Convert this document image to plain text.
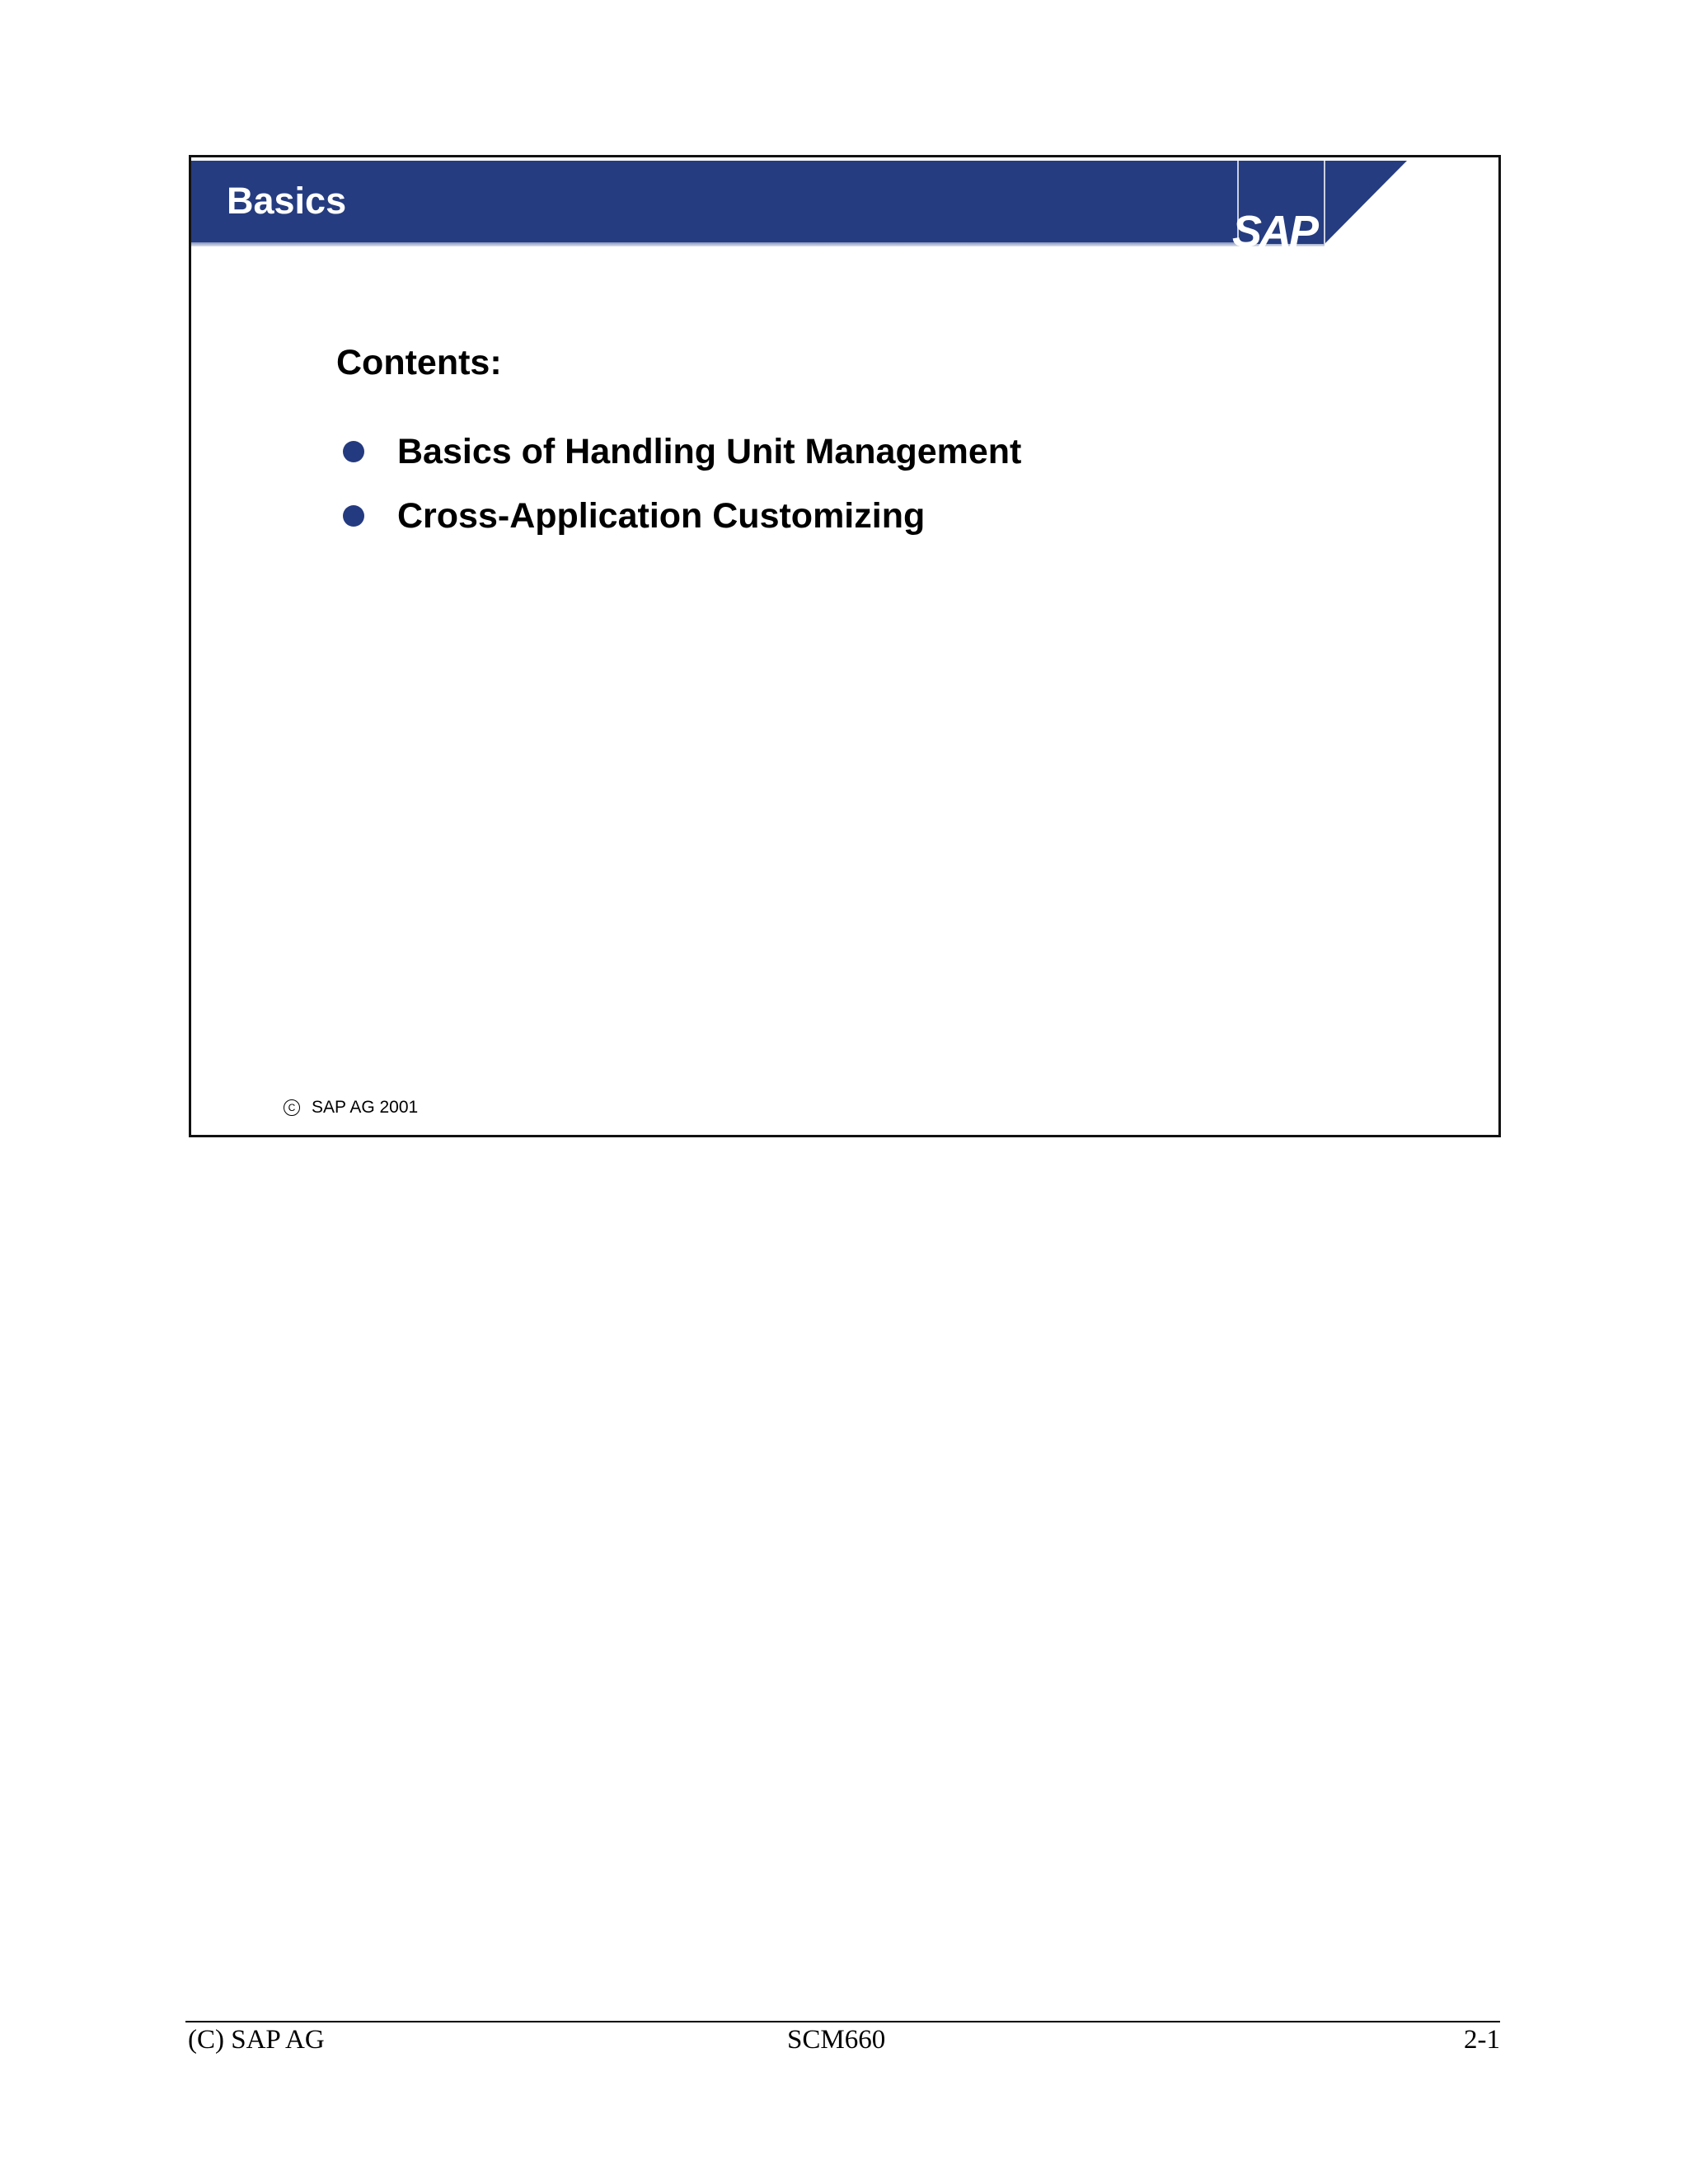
Basics
SAP
Contents:
Basics of Handling Unit Management
Cross-Application Customizing
C SAP AG 2001
(C) SAP AG	SCM660	2-1
